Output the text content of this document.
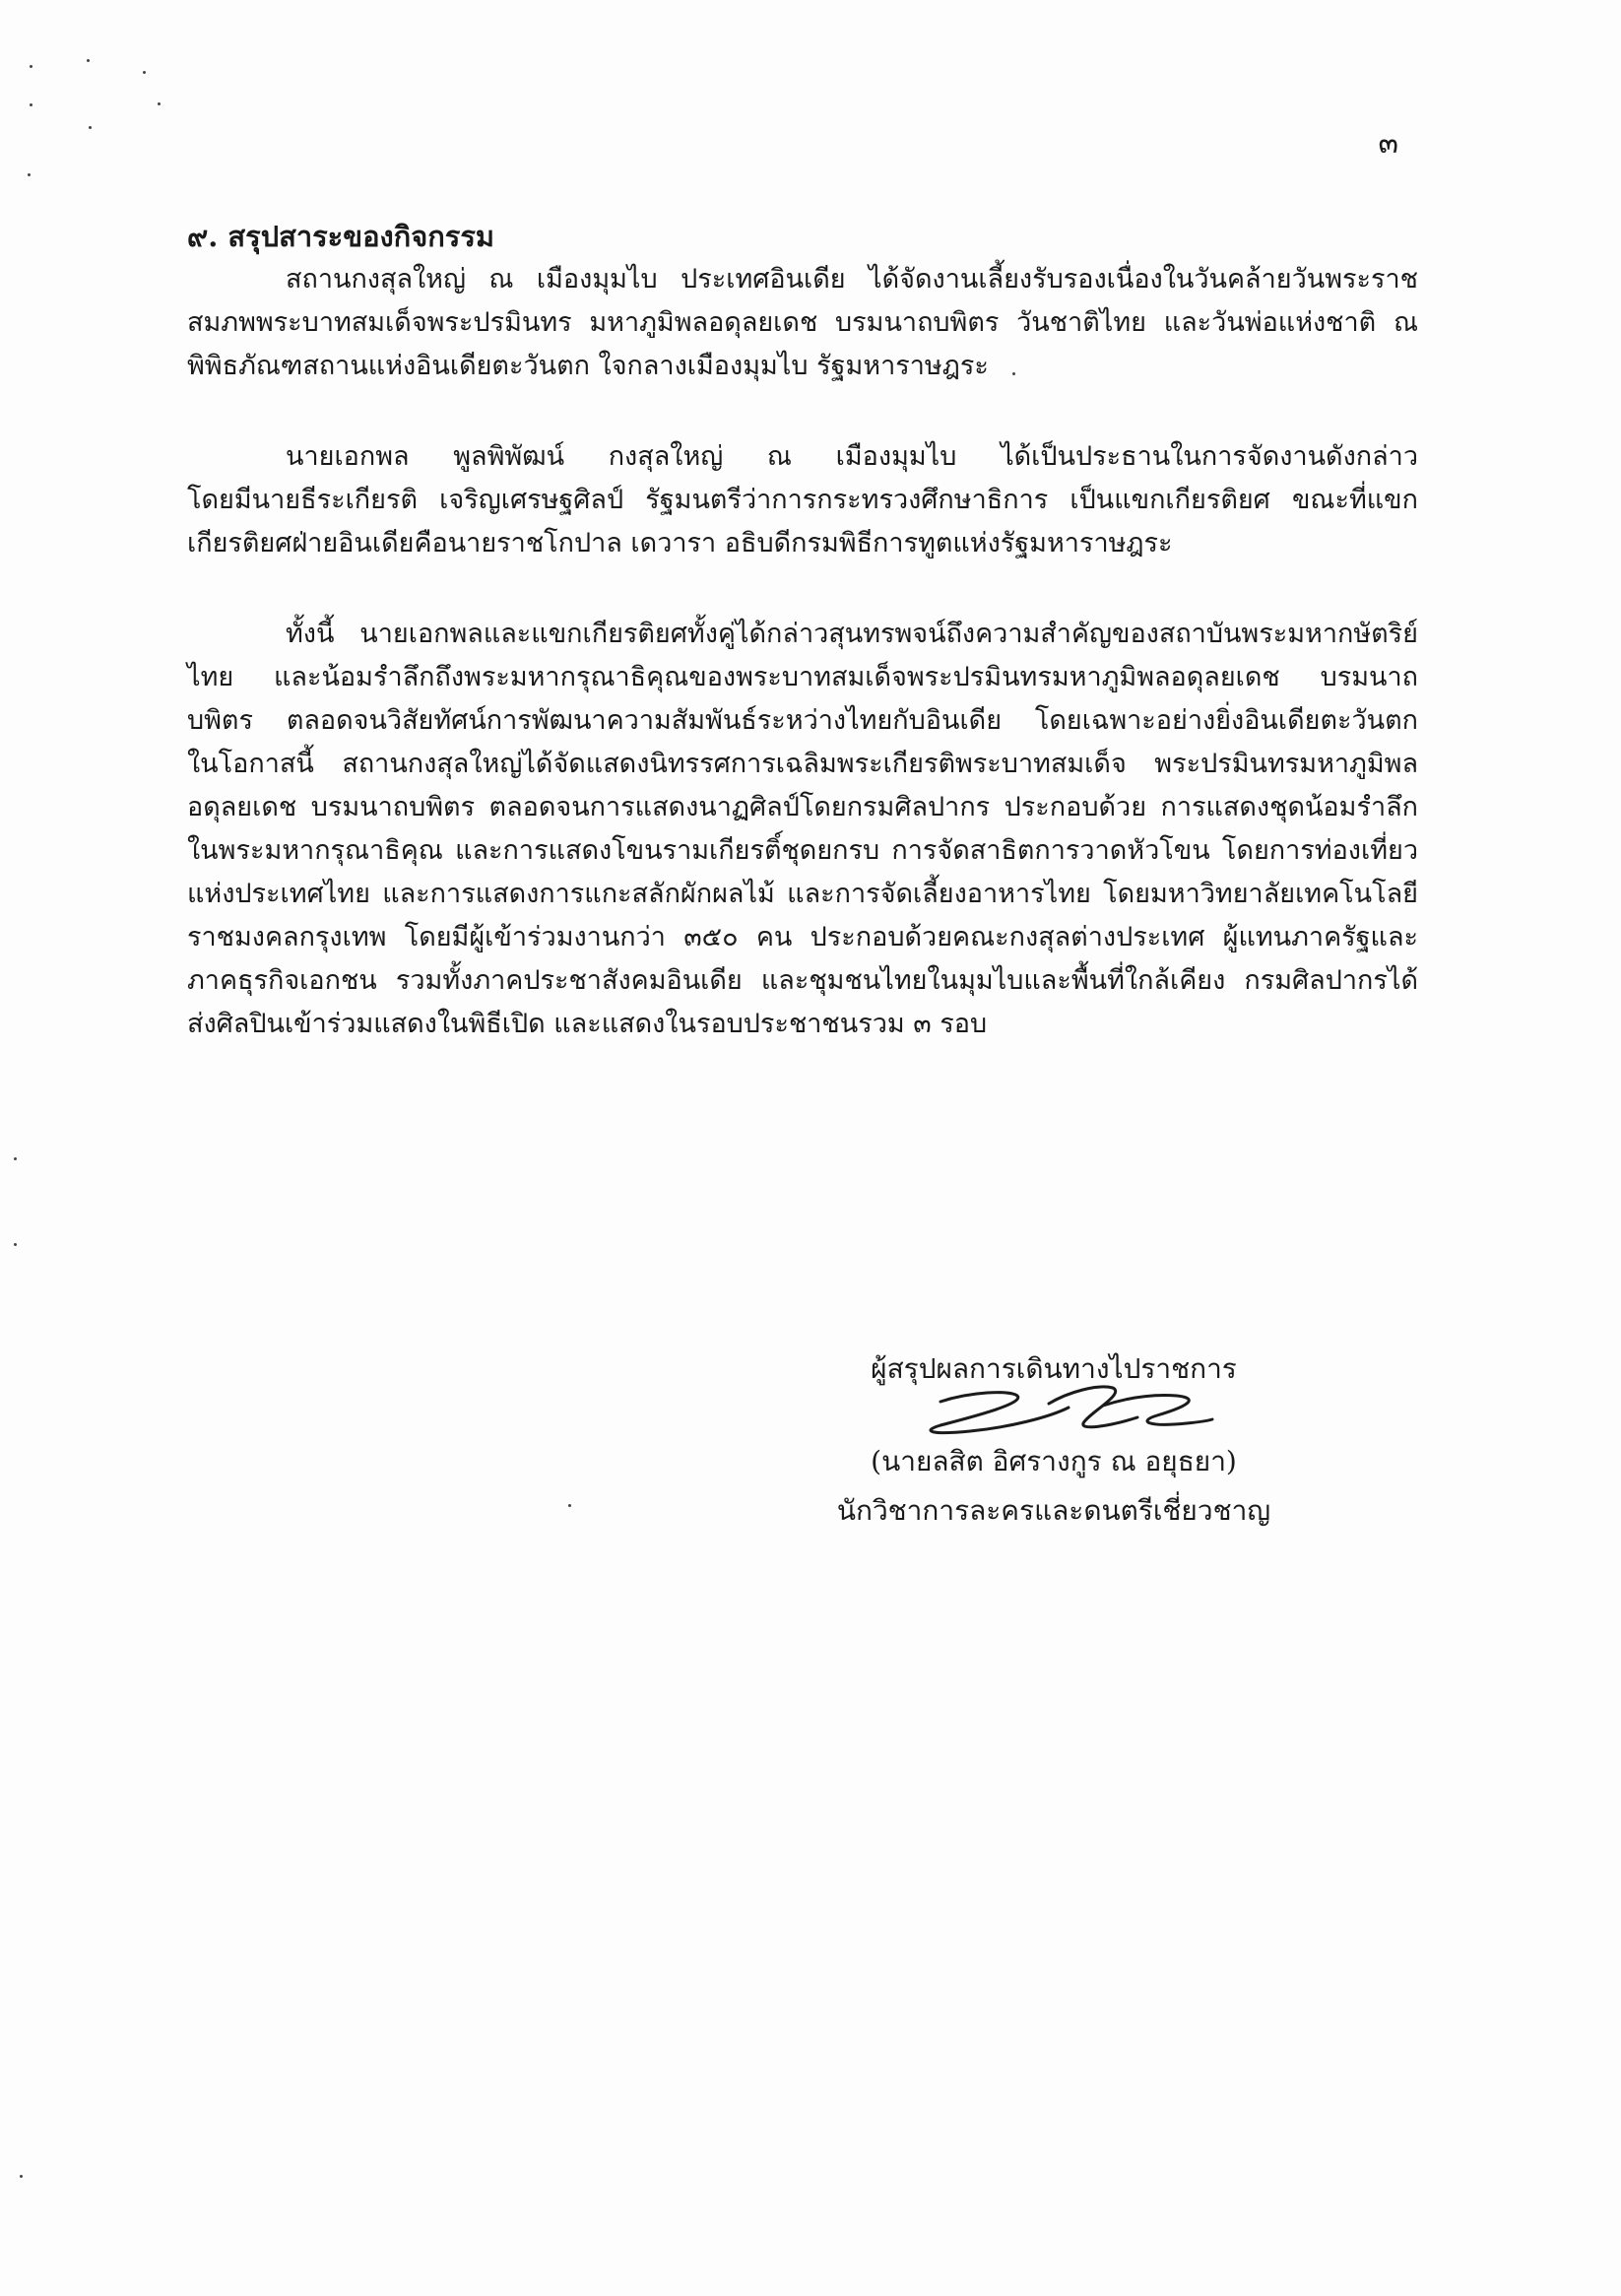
๓
๙. สรุปสาระของกิจกรรม

สถานกงสุลใหญ่ ณ เมืองมุมไบ ประเทศอินเดีย ได้จัดงานเลี้ยงรับรองเนื่องในวันคล้ายวันพระราช
สมภพพระบาทสมเด็จพระปรมินทร มหาภูมิพลอดุลยเดช บรมนาถบพิตร วันชาติไทย และวันพ่อแห่งชาติ ณ
พิพิธภัณฑสถานแห่งอินเดียตะวันตก ใจกลางเมืองมุมไบ รัฐมหาราษฎระ

นายเอกพล พูลพิพัฒน์ กงสุลใหญ่ ณ เมืองมุมไบ ได้เป็นประธานในการจัดงานดังกล่าว
โดยมีนายธีระเกียรติ เจริญเศรษฐศิลป์ รัฐมนตรีว่าการกระทรวงศึกษาธิการ เป็นแขกเกียรติยศ ขณะที่แขก
เกียรติยศฝ่ายอินเดียคือนายราชโกปาล เดวารา อธิบดีกรมพิธีการทูตแห่งรัฐมหาราษฎระ

ทั้งนี้ นายเอกพลและแขกเกียรติยศทั้งคู่ได้กล่าวสุนทรพจน์ถึงความสำคัญของสถาบันพระมหากษัตริย์
ไทย และน้อมรำลึกถึงพระมหากรุณาธิคุณของพระบาทสมเด็จพระปรมินทรมหาภูมิพลอดุลยเดช บรมนาถ
บพิตร ตลอดจนวิสัยทัศน์การพัฒนาความสัมพันธ์ระหว่างไทยกับอินเดีย โดยเฉพาะอย่างยิ่งอินเดียตะวันตก
ในโอกาสนี้ สถานกงสุลใหญ่ได้จัดแสดงนิทรรศการเฉลิมพระเกียรติพระบาทสมเด็จ พระปรมินทรมหาภูมิพล
อดุลยเดช บรมนาถบพิตร ตลอดจนการแสดงนาฏศิลป์โดยกรมศิลปากร ประกอบด้วย การแสดงชุดน้อมรำลึก
ในพระมหากรุณาธิคุณ และการแสดงโขนรามเกียรติ์ชุดยกรบ การจัดสาธิตการวาดหัวโขน โดยการท่องเที่ยว
แห่งประเทศไทย และการแสดงการแกะสลักผักผลไม้ และการจัดเลี้ยงอาหารไทย โดยมหาวิทยาลัยเทคโนโลยี
ราชมงคลกรุงเทพ โดยมีผู้เข้าร่วมงานกว่า ๓๕๐ คน ประกอบด้วยคณะกงสุลต่างประเทศ ผู้แทนภาครัฐและ
ภาคธุรกิจเอกชน รวมทั้งภาคประชาสังคมอินเดีย และชุมชนไทยในมุมไบและพื้นที่ใกล้เคียง กรมศิลปากรได้
ส่งศิลปินเข้าร่วมแสดงในพิธีเปิด และแสดงในรอบประชาชนรวม ๓ รอบ

ผู้สรุปผลการเดินทางไปราชการ
(นายลสิต อิศรางกูร ณ อยุธยา)
นักวิชาการละครและดนตรีเชี่ยวชาญ
